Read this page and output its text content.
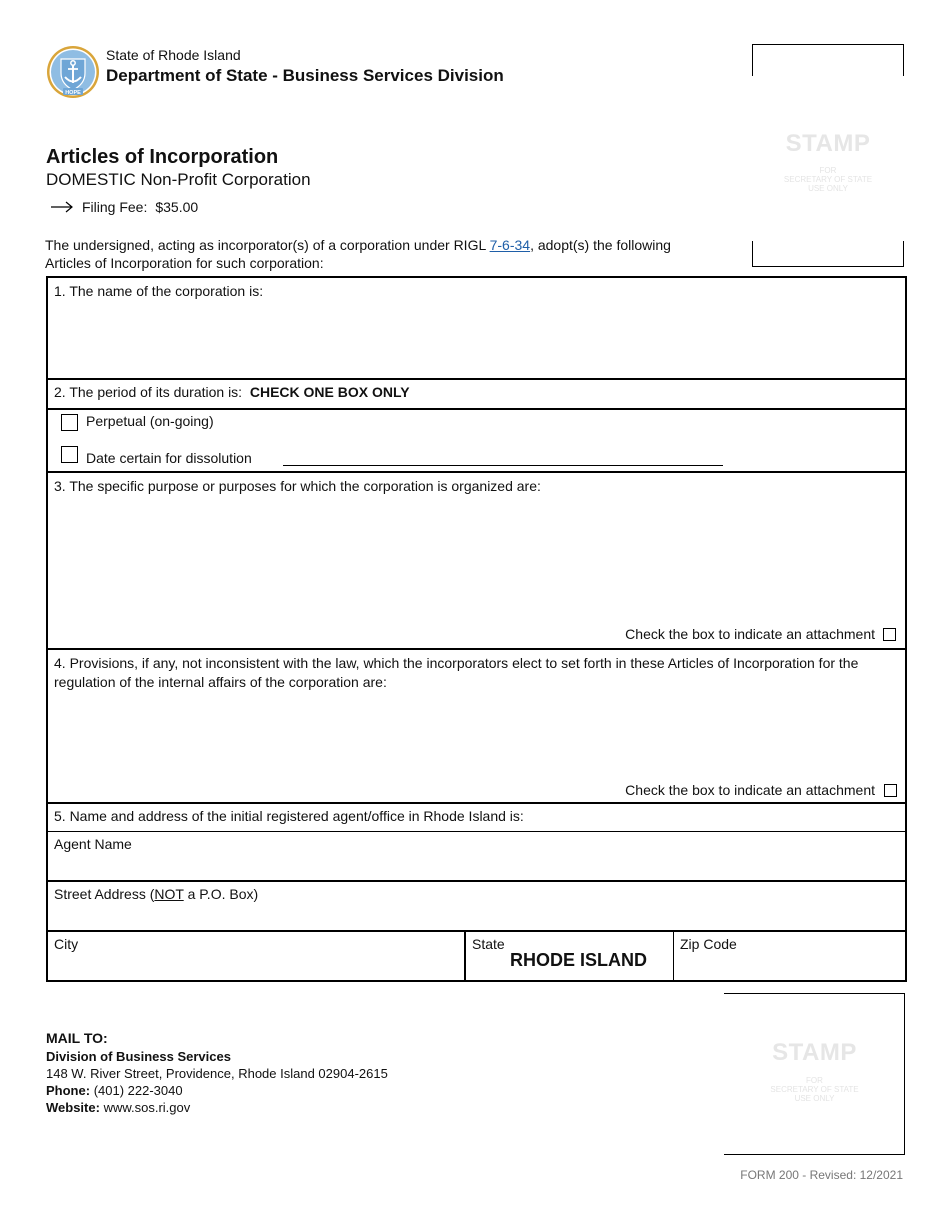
HOPE
State of Rhode Island
Department of State - Business Services Division
Articles of Incorporation
DOMESTIC Non-Profit Corporation
Filing Fee: $35.00
The undersigned, acting as incorporator(s) of a corporation under RIGL 7-6-34, adopt(s) the following Articles of Incorporation for such corporation:
STAMP
FOR
SECRETARY OF STATE
USE ONLY
1. The name of the corporation is:
2. The period of its duration is: CHECK ONE BOX ONLY
Perpetual (on-going)
Date certain for dissolution
3. The specific purpose or purposes for which the corporation is organized are:
Check the box to indicate an attachment
4. Provisions, if any, not inconsistent with the law, which the incorporators elect to set forth in these Articles of Incorporation for the regulation of the internal affairs of the corporation are:
Check the box to indicate an attachment
5. Name and address of the initial registered agent/office in Rhode Island is:
Agent Name
Street Address (NOT a P.O. Box)
City	State
RHODE ISLAND
Zip Code
MAIL TO:
Division of Business Services
148 W. River Street, Providence, Rhode Island 02904-2615
Phone: (401) 222-3040
Website: www.sos.ri.gov
STAMP
FOR
SECRETARY OF STATE
USE ONLY
FORM 200 - Revised: 12/2021
